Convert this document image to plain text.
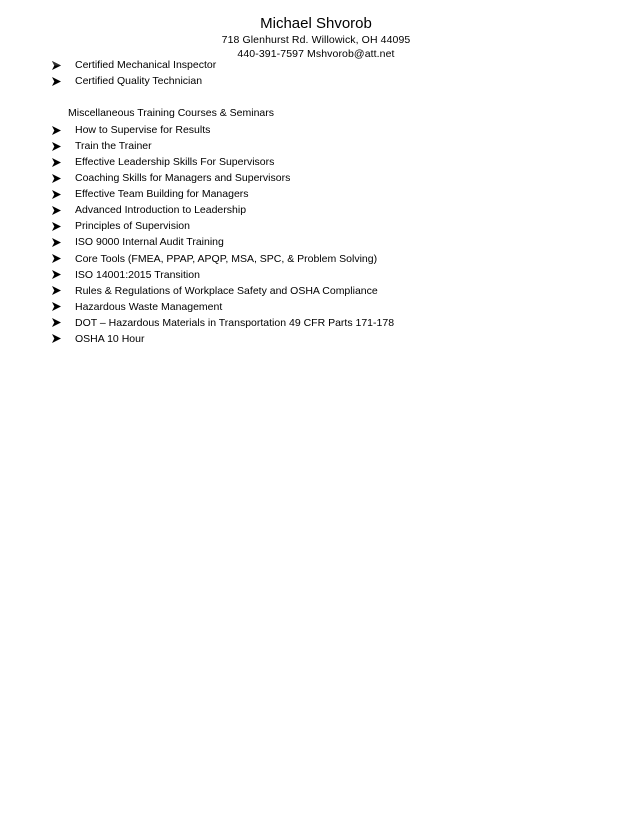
Michael Shvorob
718 Glenhurst Rd. Willowick, OH 44095
440-391-7597 Mshvorob@att.net
Certified Mechanical Inspector
Certified Quality Technician
Miscellaneous Training Courses & Seminars
How to Supervise for Results
Train the Trainer
Effective Leadership Skills For Supervisors
Coaching Skills for Managers and Supervisors
Effective Team Building for Managers
Advanced Introduction to Leadership
Principles of Supervision
ISO 9000 Internal Audit Training
Core Tools (FMEA, PPAP, APQP, MSA, SPC, & Problem Solving)
ISO 14001:2015 Transition
Rules & Regulations of Workplace Safety and OSHA Compliance
Hazardous Waste Management
DOT – Hazardous Materials in Transportation 49 CFR Parts 171-178
OSHA 10 Hour
